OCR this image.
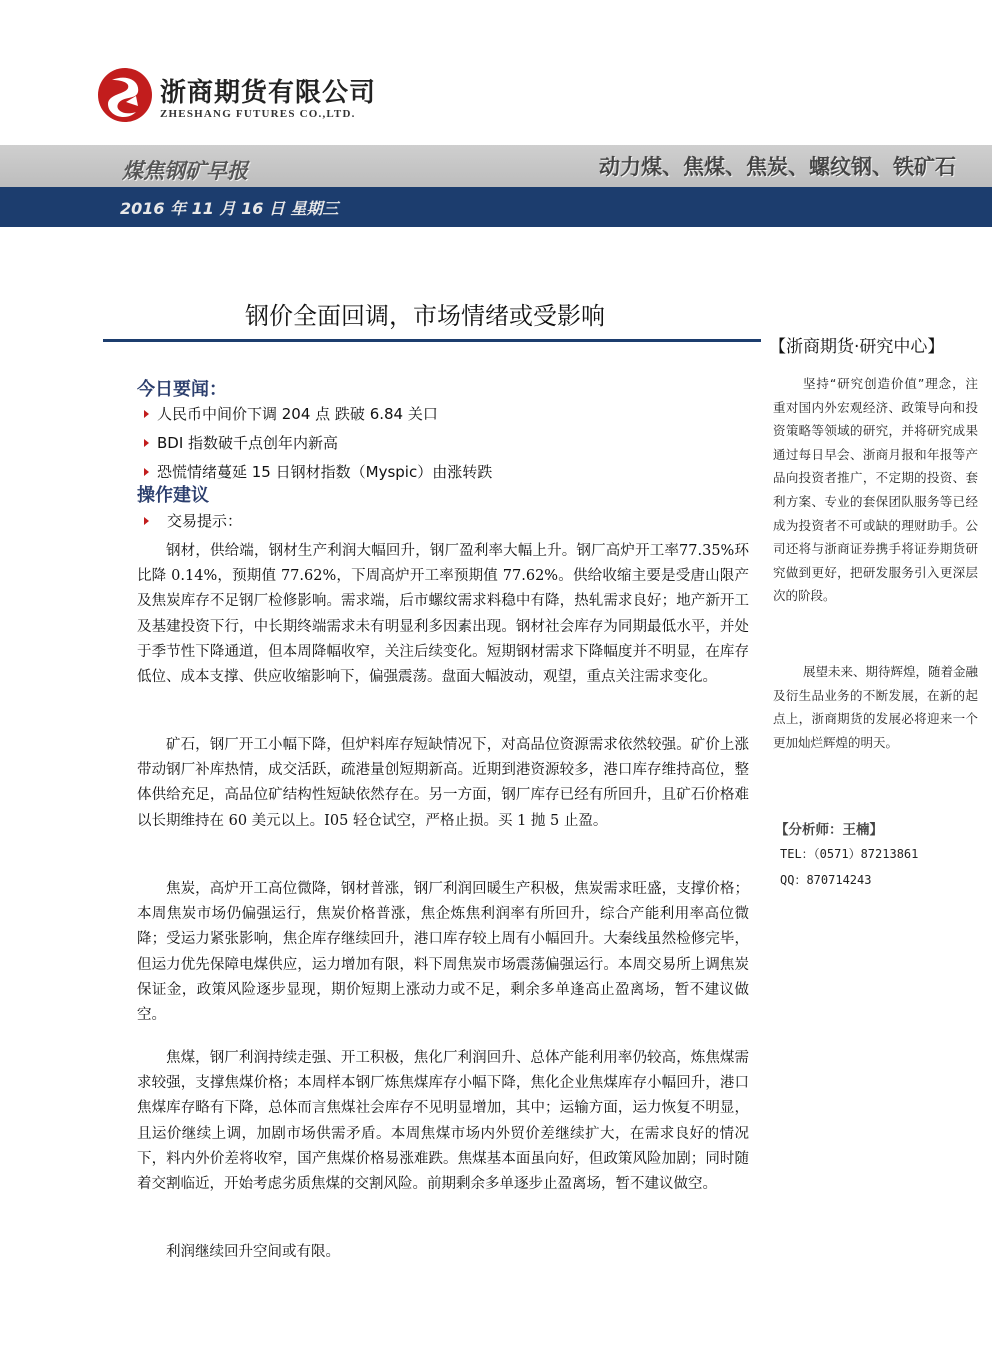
浙商期货有限公司
ZHESHANG FUTURES CO.,LTD.
煤焦钢矿早报	动力煤、焦煤、焦炭、螺纹钢、铁矿石
2016 年 11 月 16 日 星期三
钢价全面回调，市场情绪或受影响
【浙商期货·研究中心】
今日要闻：
人民币中间价下调 204 点 跌破 6.84 关口
BDI 指数破千点创年内新高
恐慌情绪蔓延 15 日钢材指数（Myspic）由涨转跌
操作建议
交易提示：

钢材，供给端，钢材生产利润大幅回升，钢厂盈利率大幅上升。钢厂高炉开工率77.35%环比降 0.14%，预期值 77.62%，下周高炉开工率预期值 77.62%。供给收缩主要是受唐山限产及焦炭库存不足钢厂检修影响。需求端，后市螺纹需求料稳中有降，热轧需求良好；地产新开工及基建投资下行，中长期终端需求未有明显利多因素出现。钢材社会库存为同期最低水平，并处于季节性下降通道，但本周降幅收窄，关注后续变化。短期钢材需求下降幅度并不明显，在库存低位、成本支撑、供应收缩影响下，偏强震荡。盘面大幅波动，观望，重点关注需求变化。

矿石，钢厂开工小幅下降，但炉料库存短缺情况下，对高品位资源需求依然较强。矿价上涨带动钢厂补库热情，成交活跃，疏港量创短期新高。近期到港资源较多，港口库存维持高位，整体供给充足，高品位矿结构性短缺依然存在。另一方面，钢厂库存已经有所回升，且矿石价格难以长期维持在 60 美元以上。I05 轻仓试空，严格止损。买 1 抛 5 止盈。

焦炭，高炉开工高位微降，钢材普涨，钢厂利润回暖生产积极，焦炭需求旺盛，支撑价格；本周焦炭市场仍偏强运行，焦炭价格普涨，焦企炼焦利润率有所回升，综合产能利用率高位微降；受运力紧张影响，焦企库存继续回升，港口库存较上周有小幅回升。大秦线虽然检修完毕，但运力优先保障电煤供应，运力增加有限，料下周焦炭市场震荡偏强运行。本周交易所上调焦炭保证金，政策风险逐步显现，期价短期上涨动力或不足，剩余多单逢高止盈离场，暂不建议做空。

焦煤，钢厂利润持续走强、开工积极，焦化厂利润回升、总体产能利用率仍较高，炼焦煤需求较强，支撑焦煤价格；本周样本钢厂炼焦煤库存小幅下降，焦化企业焦煤库存小幅回升，港口焦煤库存略有下降，总体而言焦煤社会库存不见明显增加，其中；运输方面，运力恢复不明显，且运价继续上调，加剧市场供需矛盾。本周焦煤市场内外贸价差继续扩大，在需求良好的情况下，料内外价差将收窄，国产焦煤价格易涨难跌。焦煤基本面虽向好，但政策风险加剧；同时随着交割临近，开始考虑劣质焦煤的交割风险。前期剩余多单逐步止盈离场，暂不建议做空。

利润继续回升空间或有限。

坚持“研究创造价值”理念，注重对国内外宏观经济、政策导向和投资策略等领域的研究，并将研究成果通过每日早会、浙商月报和年报等产品向投资者推广，不定期的投资、套利方案、专业的套保团队服务等已经成为投资者不可或缺的理财助手。公司还将与浙商证券携手将证券期货研究做到更好，把研发服务引入更深层次的阶段。

展望未来、期待辉煌，随着金融及衍生品业务的不断发展，在新的起点上，浙商期货的发展必将迎来一个更加灿烂辉煌的明天。

【分析师：王楠】
TEL：（0571）87213861
QQ：870714243
